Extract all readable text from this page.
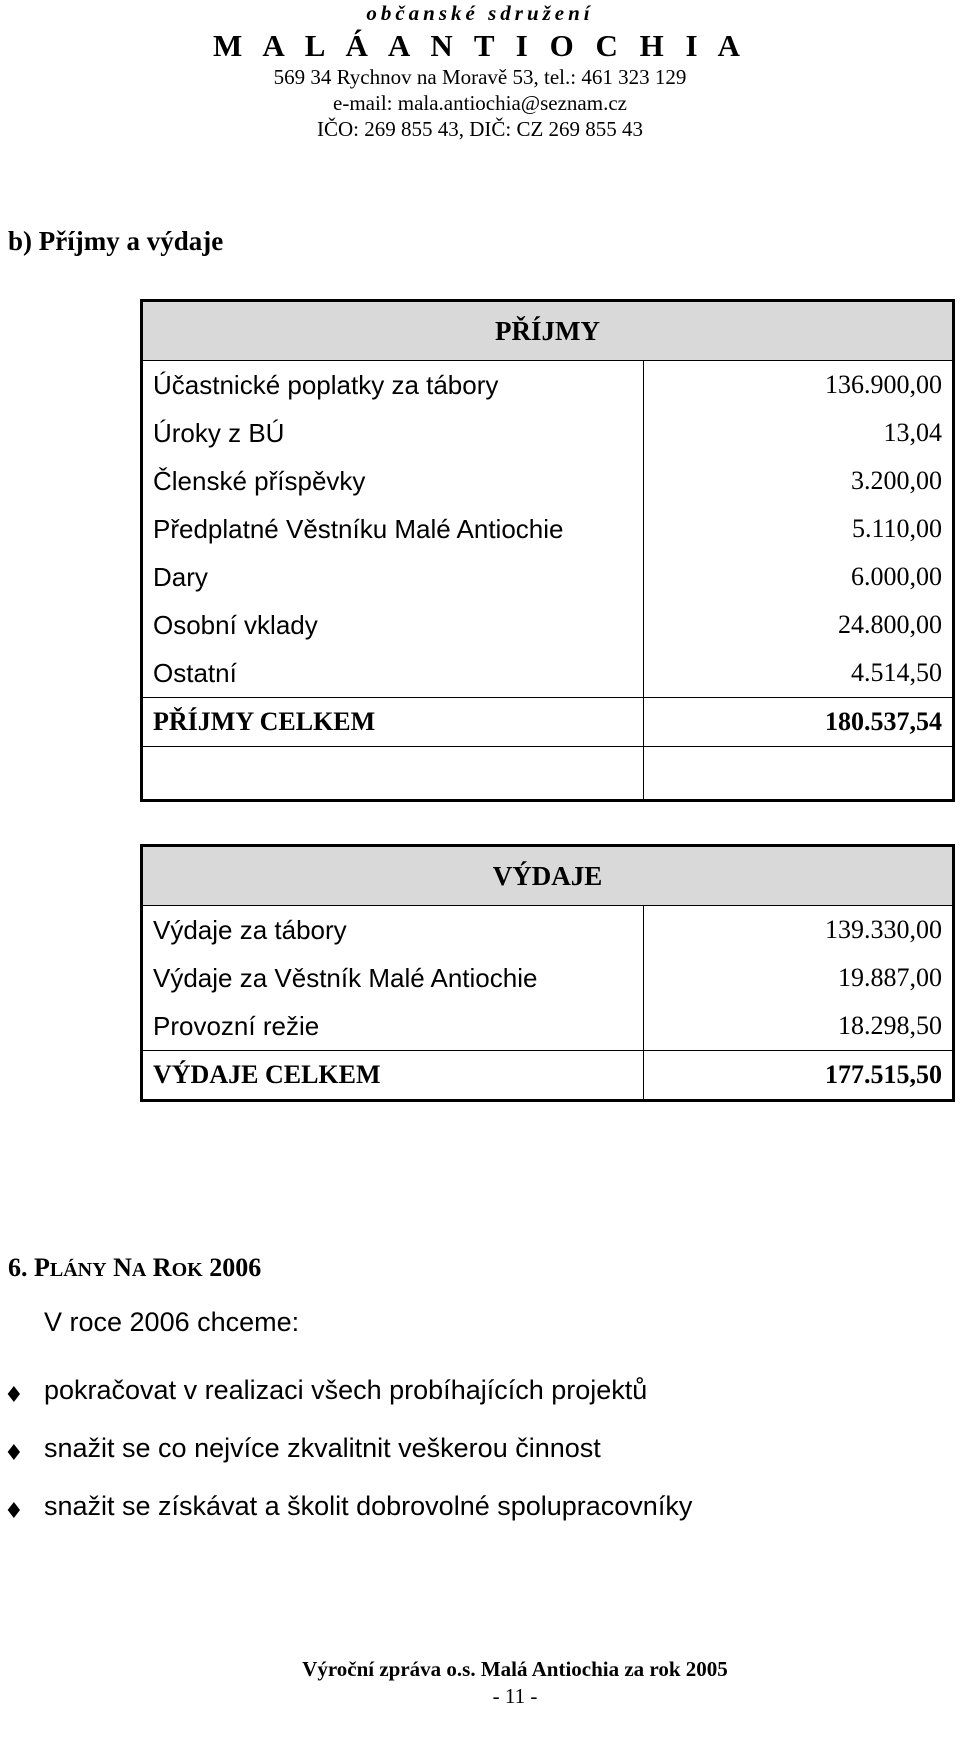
občanské sdružení
M A L Á A N T I O C H I A
569 34 Rychnov na Moravě 53, tel.: 461 323 129
e-mail: mala.antiochia@seznam.cz
IČO: 269 855 43, DIČ: CZ 269 855 43
b) Příjmy a výdaje
PŘÍJMY	
Účastnické poplatky za tábory	136.900,00
Úroky z BÚ	13,04
Členské příspěvky	3.200,00
Předplatné Věstníku Malé Antiochie	5.110,00
Dary	6.000,00
Osobní vklady	24.800,00
Ostatní	4.514,50
PŘÍJMY CELKEM	180.537,54

VÝDAJE	
Výdaje za tábory	139.330,00
Výdaje za Věstník Malé Antiochie	19.887,00
Provozní režie	18.298,50
VÝDAJE CELKEM	177.515,50
6. PLÁNY NA ROK 2006
V roce 2006 chceme:
♦ pokračovat v realizaci všech probíhajících projektů
♦ snažit se co nejvíce zkvalitnit veškerou činnost
♦ snažit se získávat a školit dobrovolné spolupracovníky
Výroční zpráva o.s. Malá Antiochia za rok 2005
- 11 -
